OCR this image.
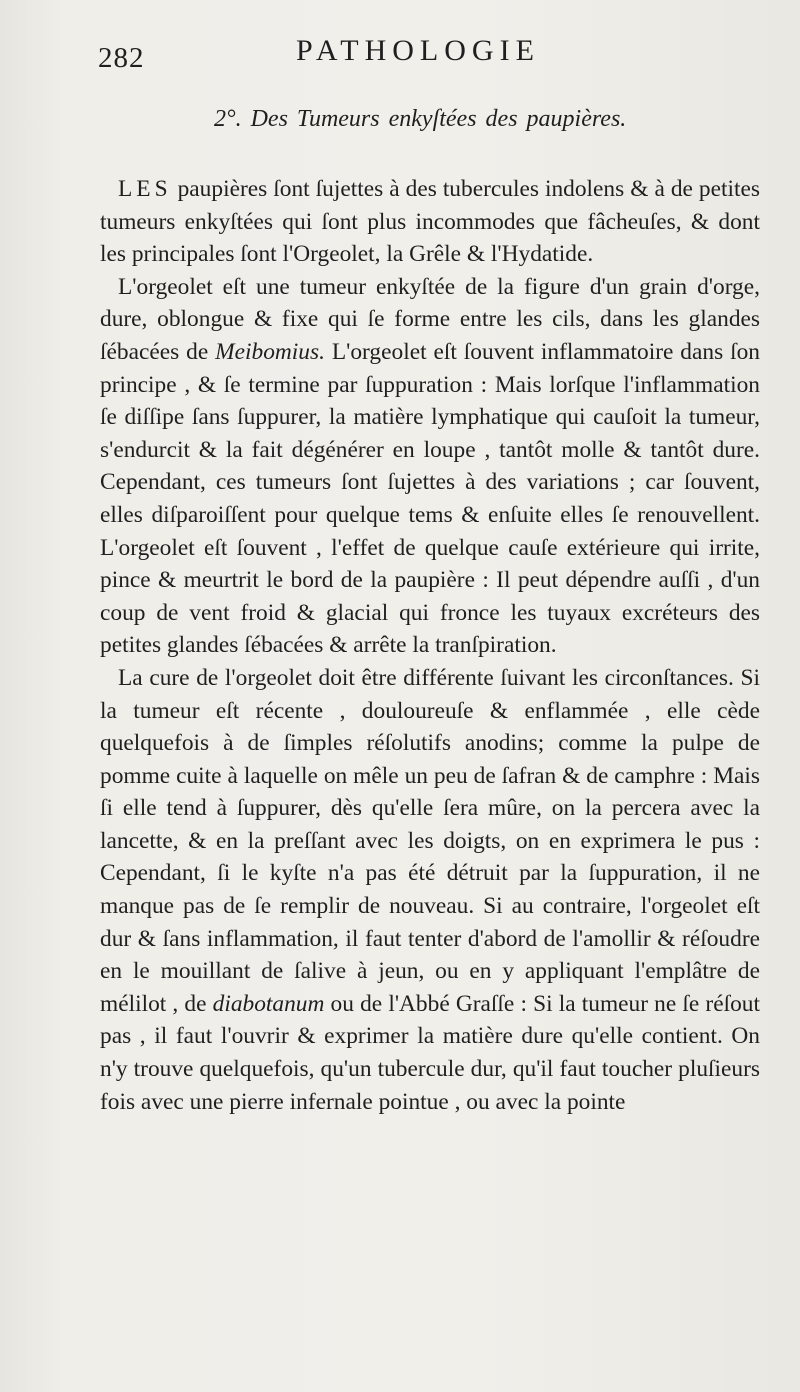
282	PATHOLOGIE
2°. Des Tumeurs enkyſtées des paupières.

LES paupières ſont ſujettes à des tubercules indolens & à de petites tumeurs enkyſtées qui ſont plus incommodes que fâcheuſes, & dont les principales ſont l'Orgeolet, la Grêle & l'Hydatide.

L'orgeolet eſt une tumeur enkyſtée de la figure d'un grain d'orge, dure, oblongue & fixe qui ſe forme entre les cils, dans les glandes ſébacées de Meibomius. L'orgeolet eſt ſouvent inflammatoire dans ſon principe , & ſe termine par ſuppuration : Mais lorſque l'inflammation ſe diſſipe ſans ſuppurer, la matière lymphatique qui cauſoit la tumeur, s'endurcit & la fait dégénérer en loupe , tantôt molle & tantôt dure. Cependant, ces tumeurs ſont ſujettes à des variations ; car ſouvent, elles diſparoiſſent pour quelque tems & enſuite elles ſe renouvellent. L'orgeolet eſt ſouvent , l'effet de quelque cauſe extérieure qui irrite, pince & meurtrit le bord de la paupière : Il peut dépendre auſſi , d'un coup de vent froid & glacial qui fronce les tuyaux excréteurs des petites glandes ſébacées & arrête la tranſpiration.

La cure de l'orgeolet doit être différente ſuivant les circonſtances. Si la tumeur eſt récente , douloureuſe & enflammée , elle cède quelquefois à de ſimples réſolutifs anodins; comme la pulpe de pomme cuite à laquelle on mêle un peu de ſafran & de camphre : Mais ſi elle tend à ſuppurer, dès qu'elle ſera mûre, on la percera avec la lancette, & en la preſſant avec les doigts, on en exprimera le pus : Cependant, ſi le kyſte n'a pas été détruit par la ſuppuration, il ne manque pas de ſe remplir de nouveau. Si au contraire, l'orgeolet eſt dur & ſans inflammation, il faut tenter d'abord de l'amollir & réſoudre en le mouillant de ſalive à jeun, ou en y appliquant l'emplâtre de mélilot , de diabotanum ou de l'Abbé Graſſe : Si la tumeur ne ſe réſout pas , il faut l'ouvrir & exprimer la matière dure qu'elle contient. On n'y trouve quelquefois, qu'un tubercule dur, qu'il faut toucher pluſieurs fois avec une pierre infernale pointue , ou avec la pointe
